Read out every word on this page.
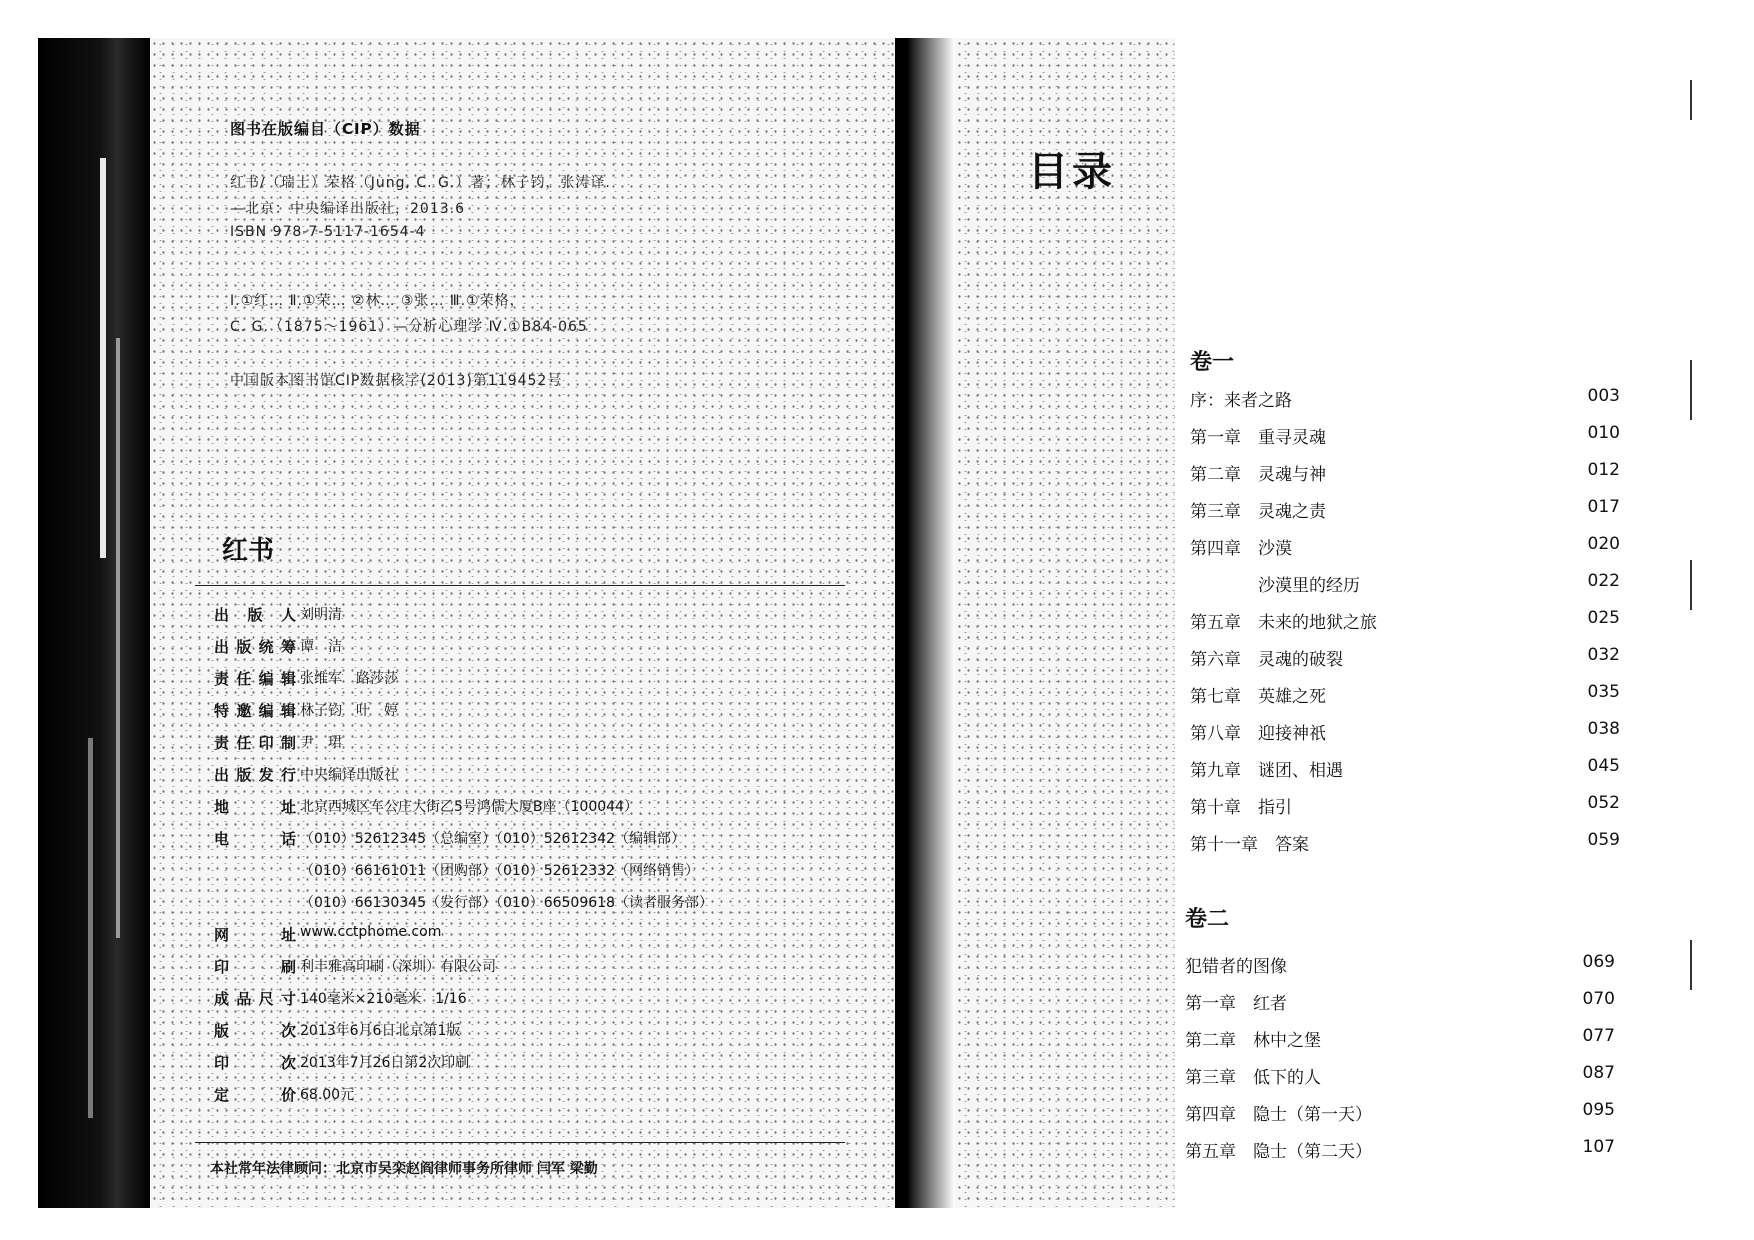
图书在版编目（CIP）数据
红书/（瑞士）荣格（Jung, C. G.）著；林子钧，张涛译.
—北京：中央编译出版社，2013.6
ISBN 978-7-5117-1654-4
Ⅰ.①红… Ⅱ.①荣… ②林… ③张… Ⅲ.①荣格，
C. G.（1875～1961）—分析心理学 Ⅳ.①B84-065
中国版本图书馆CIP数据核字(2013)第119452号
红书
出版人 刘明清
出版统筹 谭　洁
责任编辑 张维军　路莎莎
特邀编辑 林子钧　叶　婷
责任印制 尹　珺
出版发行 中央编译出版社
地　　址 北京西城区车公庄大街乙5号鸿儒大厦B座（100044）
电　　话 （010）52612345（总编室）（010）52612342（编辑部）
（010）66161011（团购部）（010）52612332（网络销售）
（010）66130345（发行部）（010）66509618（读者服务部）
网　　址 www.cctphome.com
印　　刷 利丰雅高印刷（深圳）有限公司
成品尺寸 140毫米×210毫米　1/16
版　　次 2013年6月6日北京第1版
印　　次 2013年7月26日第2次印刷
定　　价 68.00元
本社常年法律顾问：北京市吴栾赵阎律师事务所律师 闫军 梁勤
目录
卷一
序：来者之路	003
第一章　重寻灵魂	010
第二章　灵魂与神	012
第三章　灵魂之责	017
第四章　沙漠	020
　　　　沙漠里的经历	022
第五章　未来的地狱之旅	025
第六章　灵魂的破裂	032
第七章　英雄之死	035
第八章　迎接神祇	038
第九章　谜团、相遇	045
第十章　指引	052
第十一章　答案	059
卷二
犯错者的图像	069
第一章　红者	070
第二章　林中之堡	077
第三章　低下的人	087
第四章　隐士（第一天）	095
第五章　隐士（第二天）	107
